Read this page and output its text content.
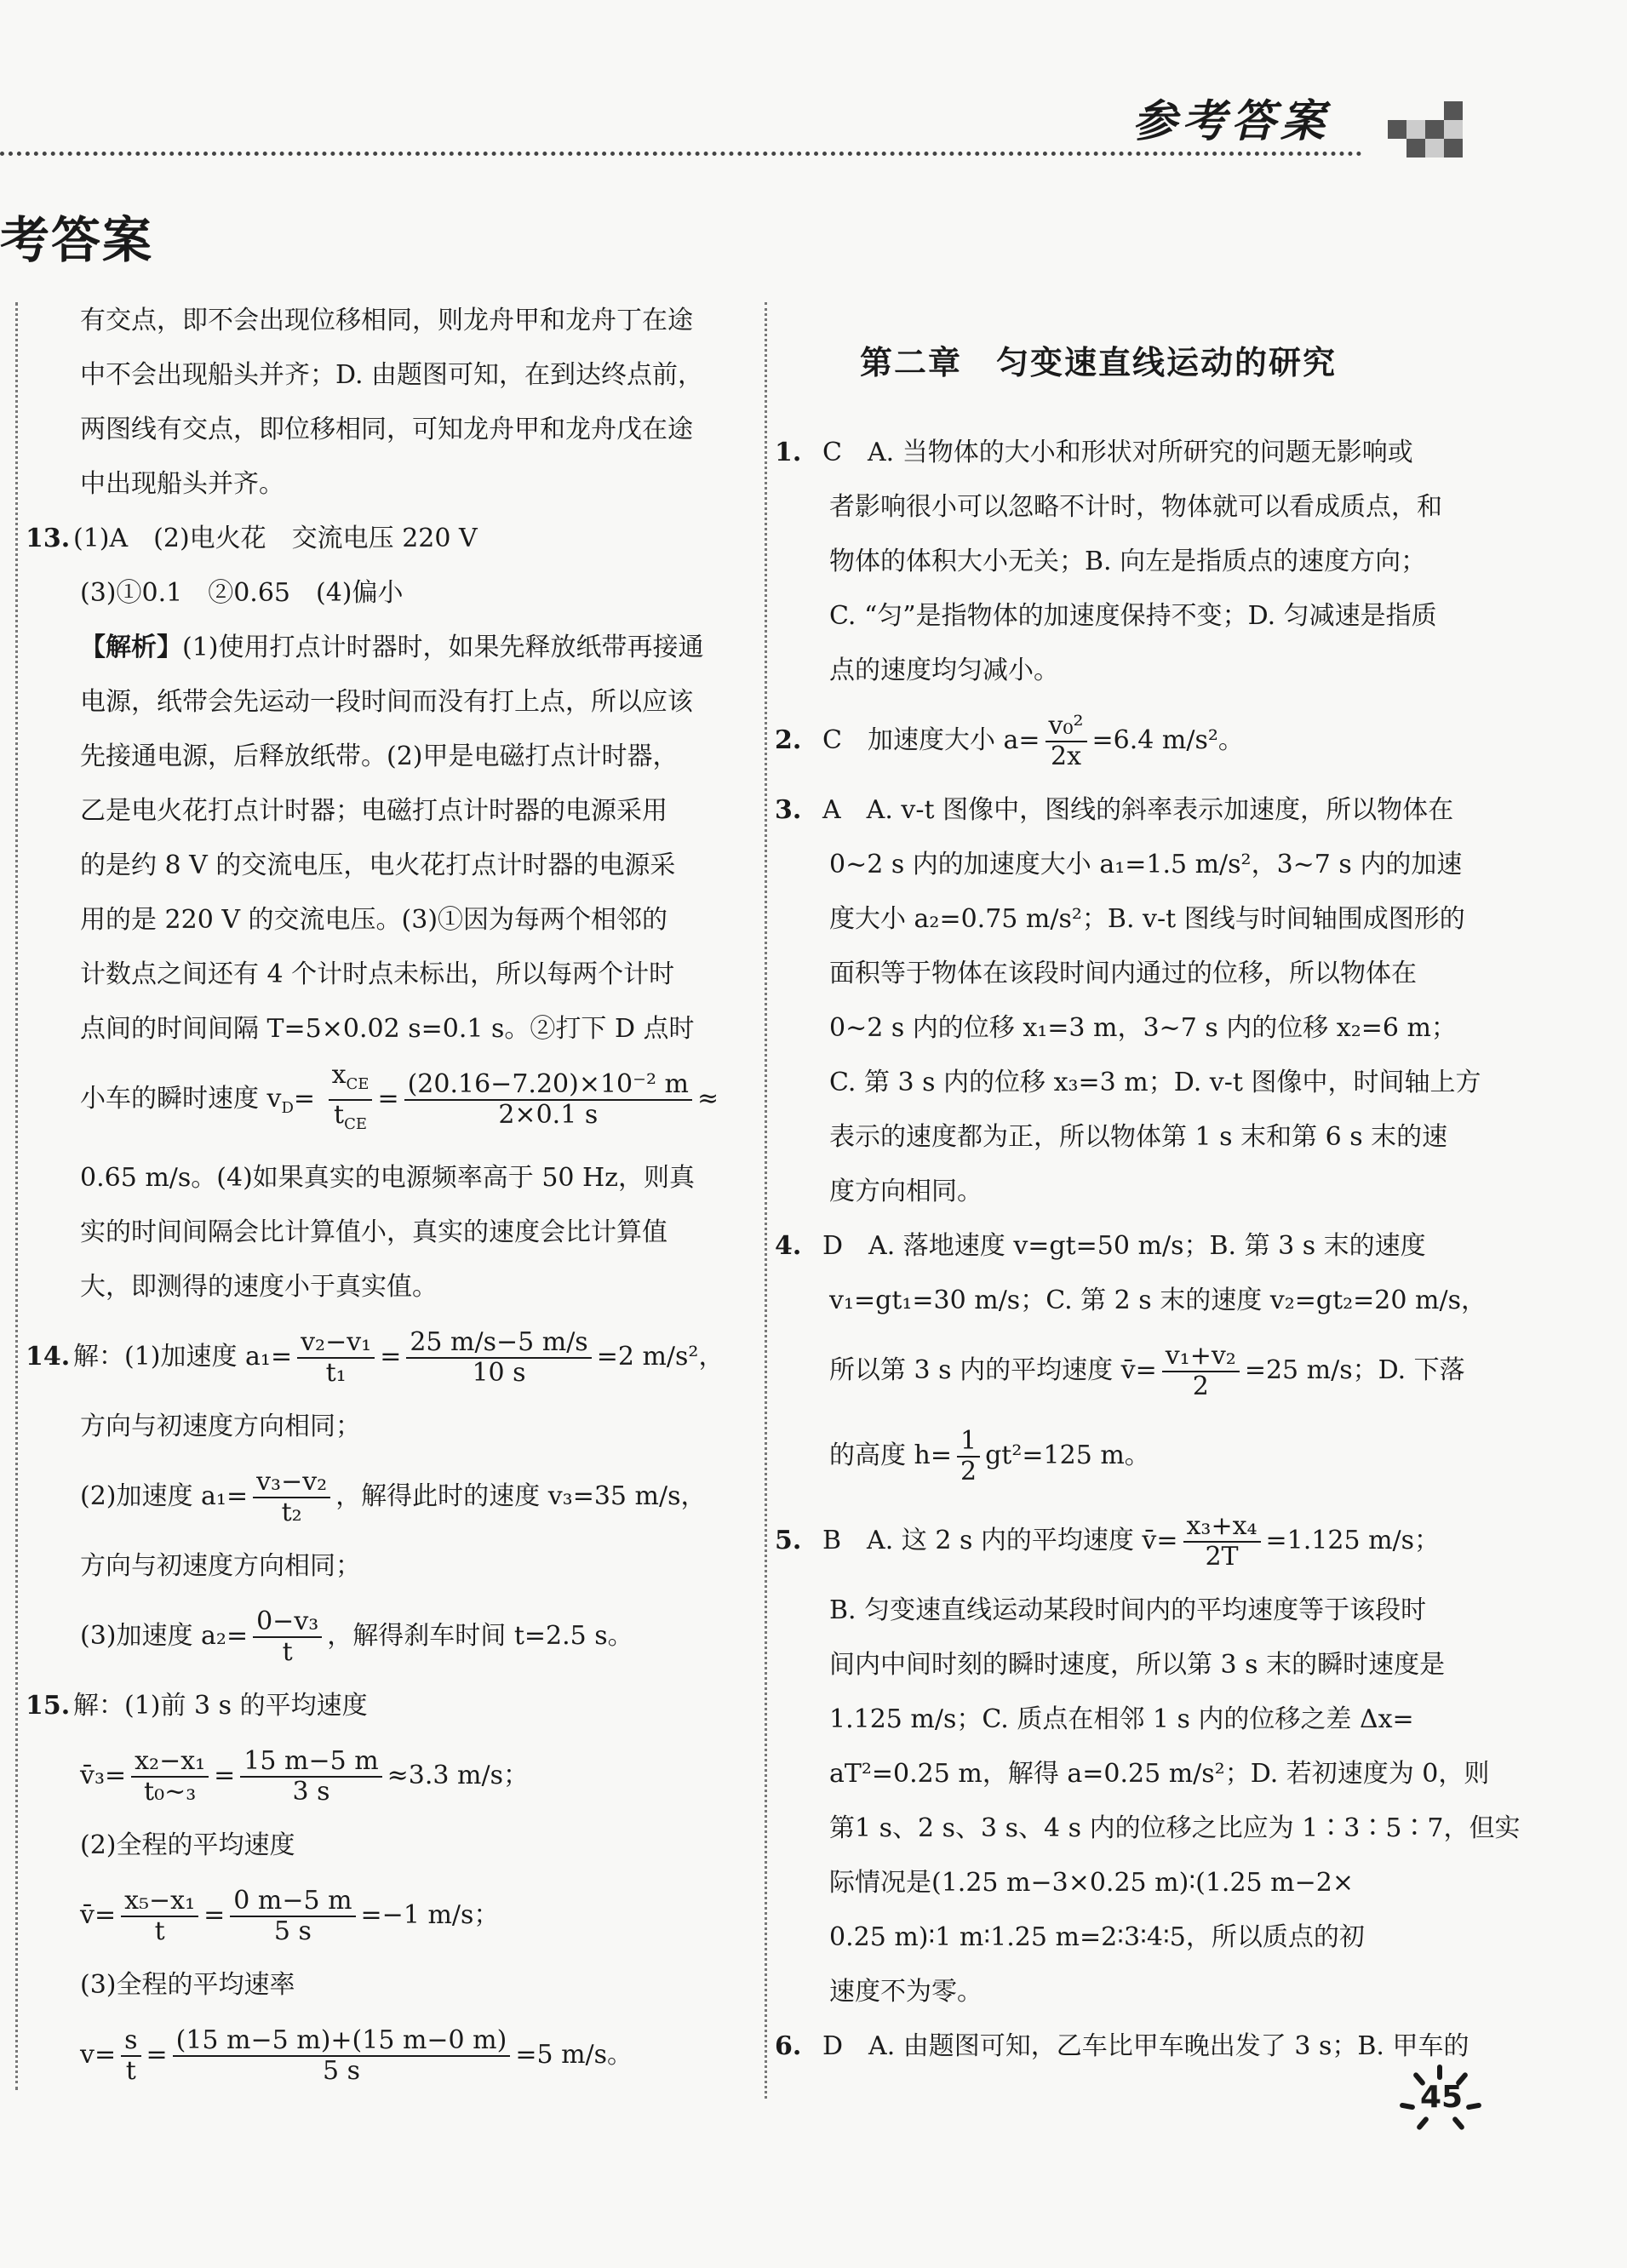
参考答案
考答案
有交点，即不会出现位移相同，则龙舟甲和龙舟丁在途
中不会出现船头并齐；D. 由题图可知，在到达终点前，
两图线有交点，即位移相同，可知龙舟甲和龙舟戊在途
中出现船头并齐。
13. (1)A　(2)电火花　交流电压 220 V
(3)①0.1　②0.65　(4)偏小
【解析】(1)使用打点计时器时，如果先释放纸带再接通
电源，纸带会先运动一段时间而没有打上点，所以应该
先接通电源，后释放纸带。(2)甲是电磁打点计时器，
乙是电火花打点计时器；电磁打点计时器的电源采用
的是约 8 V 的交流电压，电火花打点计时器的电源采
用的是 220 V 的交流电压。(3)①因为每两个相邻的
计数点之间还有 4 个计时点未标出，所以每两个计时
点间的时间间隔 T=5×0.02 s=0.1 s。②打下 D 点时
小车的瞬时速度 $v_D= \frac{x_{CE}}{t_{CE}} = \frac{\text{(20.16−7.20)×10⁻² m}}{2\times 0.1 s}$ ≈
0.65 m/s。(4)如果真实的电源频率高于 50 Hz，则真
实的时间间隔会比计算值小，真实的速度会比计算值
大，即测得的速度小于真实值。
14. 解：(1)加速度 $a_1= \frac{\text{v₂−v₁}}{\text{t₁}} = \frac{25 m/s-5 m/s}{10 s} =2$ m/s²，
方向与初速度方向相同；
(2)加速度 $a_1= \frac{\text{v₃−v₂}}{\text{t₂}}$ ，解得此时的速度 v₃=35 m/s，
方向与初速度方向相同；
(3)加速度 $a_2= \frac{\text{0−v₃}}{t}$ ，解得刹车时间 t=2.5 s。
15. 解：(1)前 3 s 的平均速度
v̄₃= $\frac{\text{x₂−x₁}}{\text{t₀\textasciitilde{}₃}} = \frac{15 m-5 m}{3 s} \approx 3.3$ m/s；
(2)全程的平均速度
v̄= $\frac{\text{x₅−x₁}}{t} = \frac{0 m-5 m}{5 s} =-1$ m/s；
(3)全程的平均速率
$v= \frac{s}{t} = \frac{(15 m-5 m)+(15 m-0 m)}{5 s} =5$ m/s。
第二章　匀变速直线运动的研究
1. C　A. 当物体的大小和形状对所研究的问题无影响或
者影响很小可以忽略不计时，物体就可以看成质点，和
物体的体积大小无关；B. 向左是指质点的速度方向；
C. “匀”是指物体的加速度保持不变；D. 匀减速是指质
点的速度均匀减小。
2. C　加速度大小 $a= \frac{\text{v₀²}}{2x} =6.4$ m/s²。
3. A　A. v-t 图像中，图线的斜率表示加速度，所以物体在
0~2 s 内的加速度大小 a₁=1.5 m/s²，3~7 s 内的加速
度大小 a₂=0.75 m/s²；B. v-t 图线与时间轴围成图形的
面积等于物体在该段时间内通过的位移，所以物体在
0~2 s 内的位移 x₁=3 m，3~7 s 内的位移 x₂=6 m；
C. 第 3 s 内的位移 x₃=3 m；D. v-t 图像中，时间轴上方
表示的速度都为正，所以物体第 1 s 末和第 6 s 末的速
度方向相同。
4. D　A. 落地速度 v=gt=50 m/s；B. 第 3 s 末的速度
v₁=gt₁=30 m/s；C. 第 2 s 末的速度 v₂=gt₂=20 m/s，
所以第 3 s 内的平均速度 v̄= $\frac{\text{v₁+v₂}}{2} =25$ m/s；D. 下落
的高度 $h= \frac{1}{2} gt^2=125$ m。
5. B　A. 这 2 s 内的平均速度 v̄= $\frac{\text{x₃+x₄}}{2T} =1.125$ m/s；
B. 匀变速直线运动某段时间内的平均速度等于该段时
间内中间时刻的瞬时速度，所以第 3 s 末的瞬时速度是
1.125 m/s；C. 质点在相邻 1 s 内的位移之差 Δx=
aT²=0.25 m，解得 a=0.25 m/s²；D. 若初速度为 0，则
第1 s、2 s、3 s、4 s 内的位移之比应为 1∶3∶5∶7，但实
际情况是(1.25 m−3×0.25 m)∶(1.25 m−2×
0.25 m)∶1 m∶1.25 m=2∶3∶4∶5，所以质点的初
速度不为零。
6. D　A. 由题图可知，乙车比甲车晚出发了 3 s；B. 甲车的
45
